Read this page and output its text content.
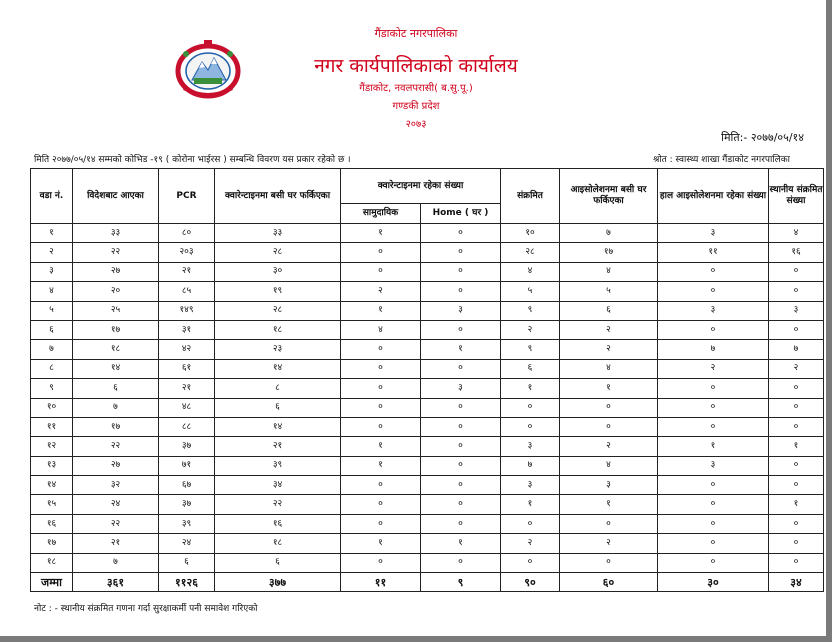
गैंडाकोट नगरपालिका
नगर कार्यपालिकाको कार्यालय
गैंडाकोट, नवलपरासी( ब.सु.पू.)
गण्डकी प्रदेश
२०७३
मिति:- २०७७/०५/१४
मिति २०७७/०५/१४ सम्मको कोभिड -१९ ( कोरोना भाईरस ) सम्बन्धि विवरण यस प्रकार रहेको छ ।	श्रोत : स्वास्थ्य शाखा गैंडाकोट नगरपालिका
वडा नं.	विदेशबाट आएका	PCR	क्वारेन्टाइनमा बसी घर फर्किएका	क्वारेन्टाइनमा रहेका संख्या		संक्रमित	आइसोलेशनमा बसी घर फर्किएका	हाल आइसोलेशनमा रहेका संख्या	स्थानीय संक्रमित संख्या
				सामुदायिक	Home ( घर )				
१	३३	८०	३३	१	०	१०	७	३	४
२	२२	२०३	२८	०	०	२८	१७	११	१६
३	२७	२१	३०	०	०	४	४	०	०
४	२०	८५	१९	२	०	५	५	०	०
५	२५	१४९	२८	१	३	९	६	३	३
६	१७	३१	१८	४	०	२	२	०	०
७	१८	४२	२३	०	१	९	२	७	७
८	१४	६१	१४	०	०	६	४	२	२
९	६	२१	८	०	३	१	१	०	०
१०	७	४८	६	०	०	०	०	०	०
११	१७	८८	१४	०	०	०	०	०	०
१२	२२	३७	२१	१	०	३	२	१	१
१३	२७	७१	३९	१	०	७	४	३	०
१४	३२	६७	३४	०	०	३	३	०	०
१५	२४	३७	२२	०	०	१	१	०	१
१६	२२	३९	१६	०	०	०	०	०	०
१७	२१	२४	१८	१	१	२	२	०	०
१८	७	६	६	०	०	०	०	०	०
जम्मा	३६१	११२६	३७७	११	९	९०	६०	३०	३४
नोट : - स्थानीय संक्रमित गणना गर्दा सुरक्षाकर्मी पनी समावेश गरिएको
